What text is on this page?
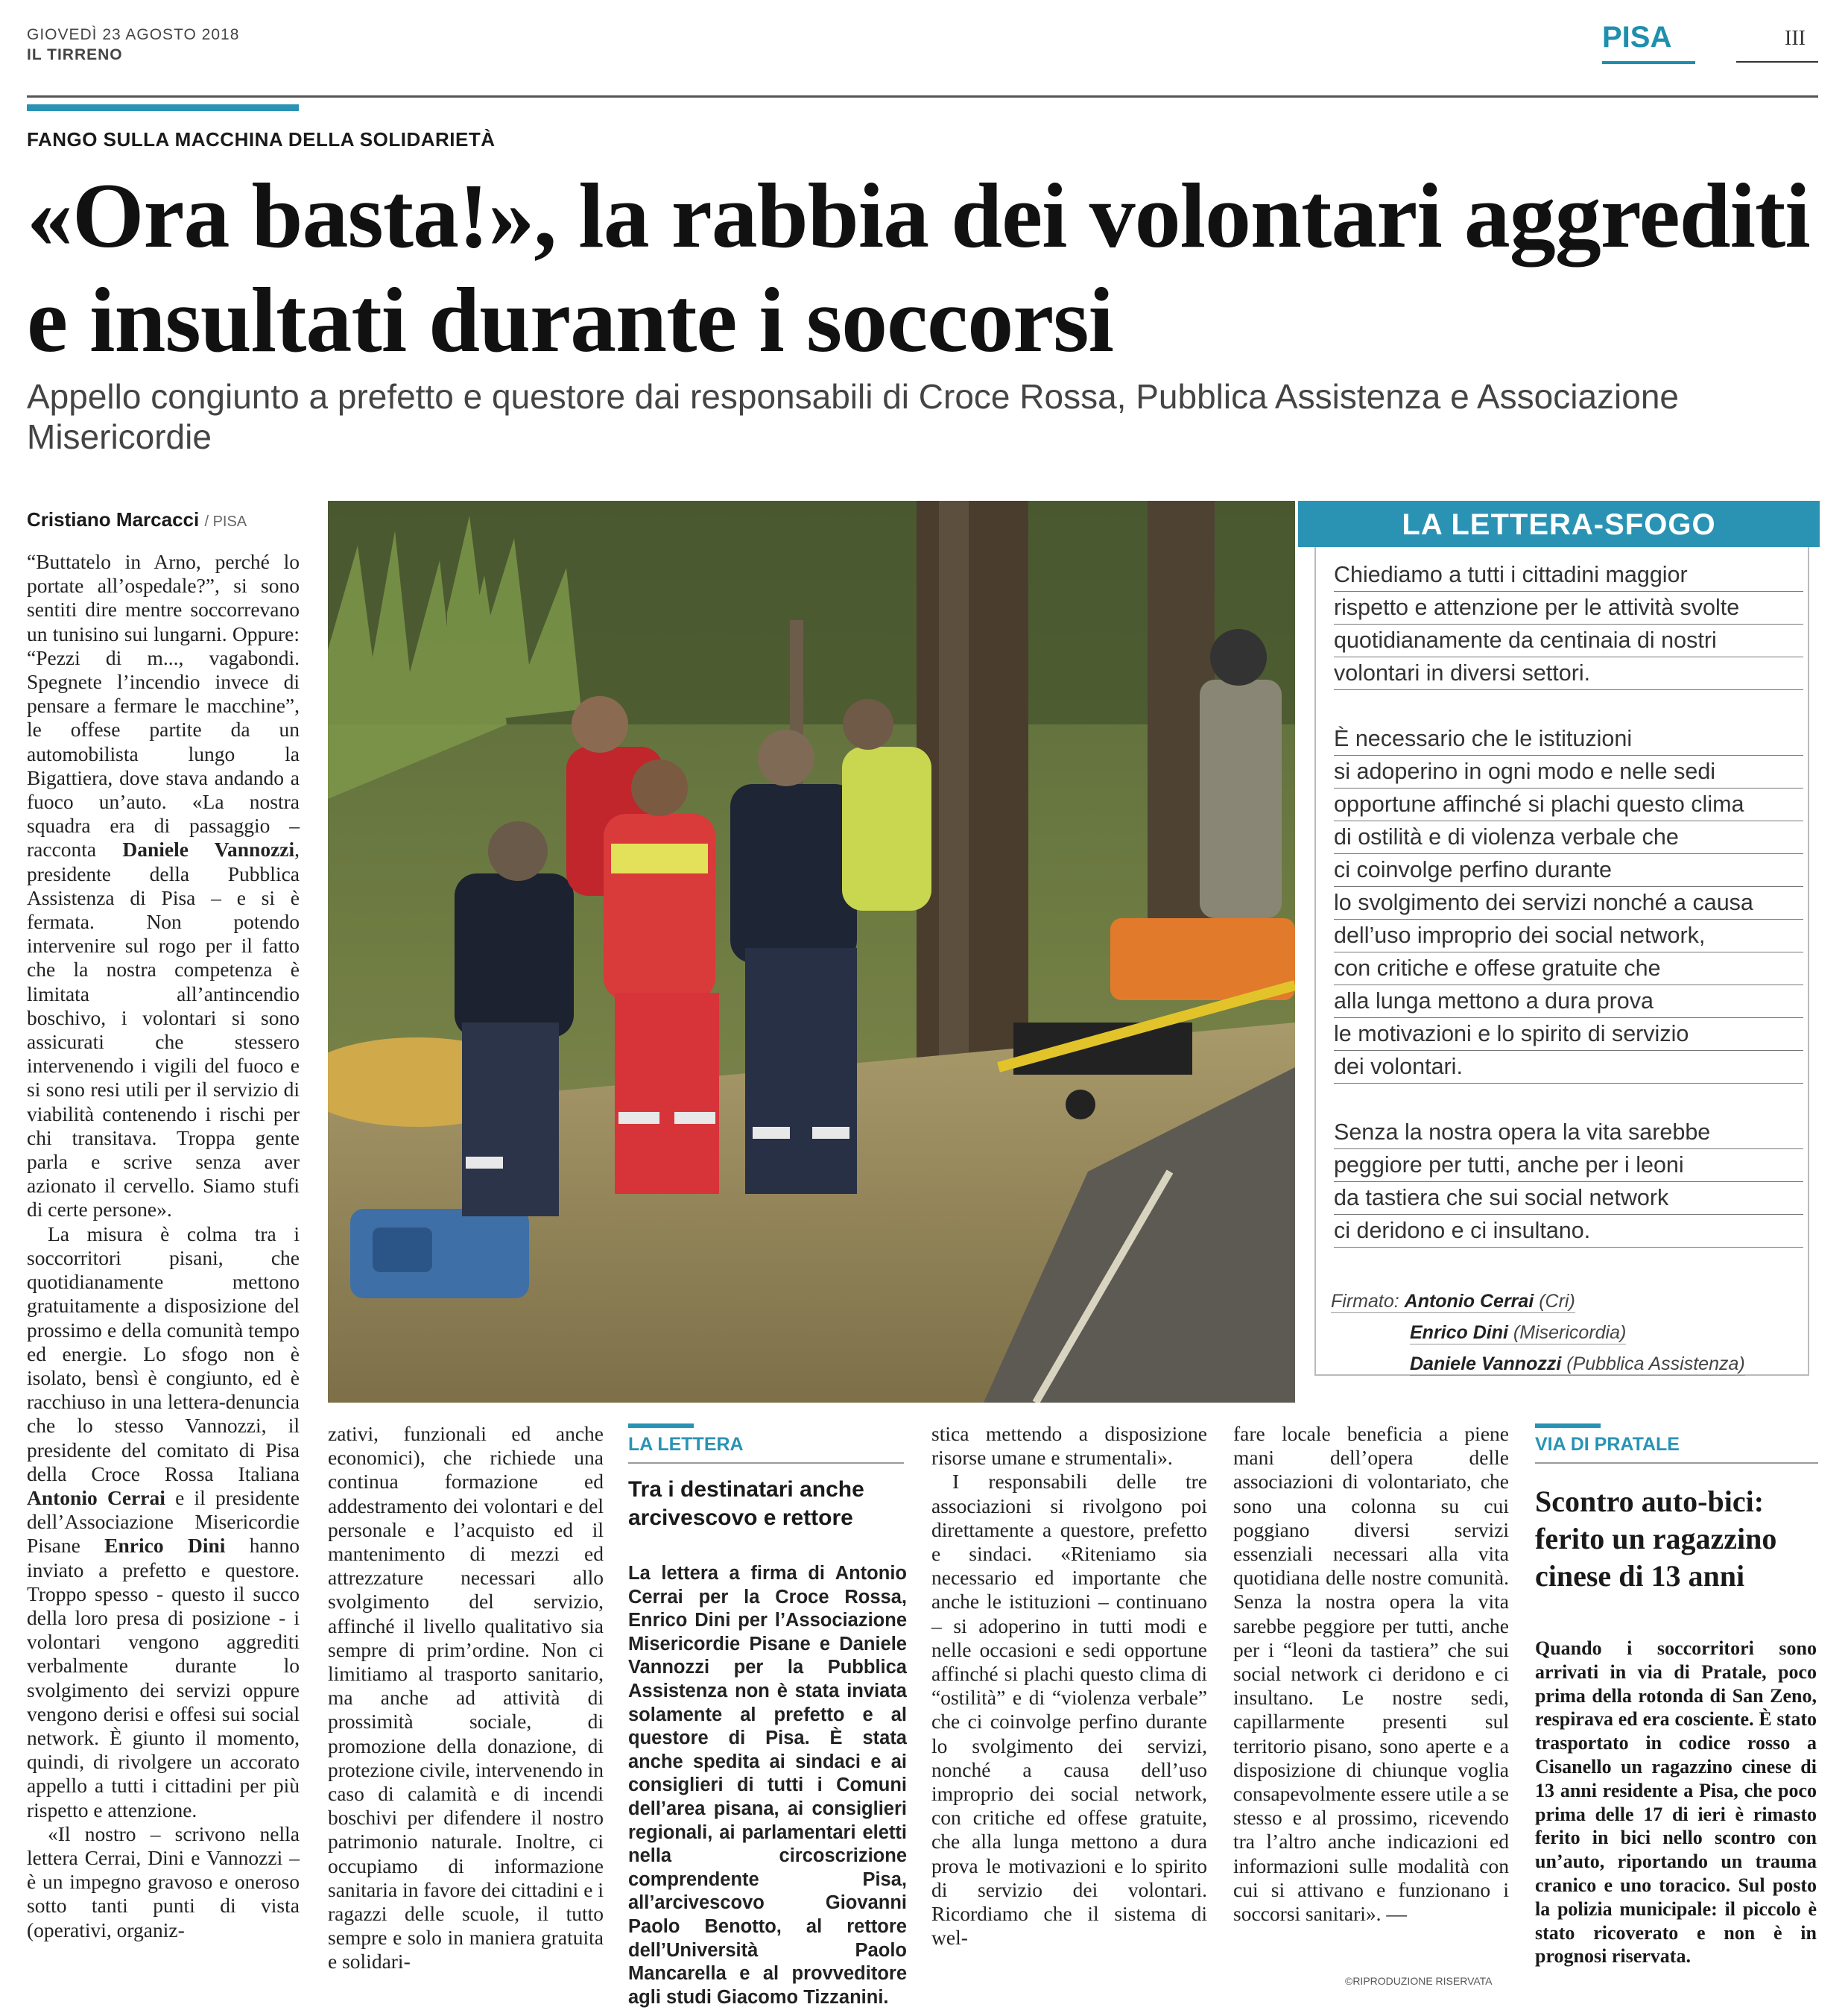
GIOVEDÌ 23 AGOSTO 2018
IL TIRRENO
PISA	III
FANGO SULLA MACCHINA DELLA SOLIDARIETÀ
«Ora basta!», la rabbia dei volontari aggrediti e insultati durante i soccorsi
Appello congiunto a prefetto e questore dai responsabili di Croce Rossa, Pubblica Assistenza e Associazione Misericordie
Cristiano Marcacci / PISA

“Buttatelo in Arno, perché lo portate all’ospedale?”, si sono sentiti dire mentre soccorrevano un tunisino sui lungarni. Oppure: “Pezzi di m..., vagabondi. Spegnete l’incendio invece di pensare a fermare le macchine”, le offese partite da un automobilista lungo la Bigattiera, dove stava andando a fuoco un’auto. «La nostra squadra era di passaggio – racconta Daniele Vannozzi, presidente della Pubblica Assistenza di Pisa – e si è fermata. Non potendo intervenire sul rogo per il fatto che la nostra competenza è limitata all’antincendio boschivo, i volontari si sono assicurati che stessero intervenendo i vigili del fuoco e si sono resi utili per il servizio di viabilità contenendo i rischi per chi transitava. Troppa gente parla e scrive senza aver azionato il cervello. Siamo stufi di certe persone».

La misura è colma tra i soccorritori pisani, che quotidianamente mettono gratuitamente a disposizione del prossimo e della comunità tempo ed energie. Lo sfogo non è isolato, bensì è congiunto, ed è racchiuso in una lettera-denuncia che lo stesso Vannozzi, il presidente del comitato di Pisa della Croce Rossa Italiana Antonio Cerrai e il presidente dell’Associazione Misericordie Pisane Enrico Dini hanno inviato a prefetto e questore. Troppo spesso - questo il succo della loro presa di posizione - i volontari vengono aggrediti verbalmente durante lo svolgimento dei servizi oppure vengono derisi e offesi sui social network. È giunto il momento, quindi, di rivolgere un accorato appello a tutti i cittadini per più rispetto e attenzione.

«Il nostro – scrivono nella lettera Cerrai, Dini e Vannozzi – è un impegno gravoso e oneroso sotto tanti punti di vista (operativi, organiz-

LA LETTERA-SFOGO
Chiediamo a tutti i cittadini maggior
rispetto e attenzione per le attività svolte
quotidianamente da centinaia di nostri
volontari in diversi settori.
È necessario che le istituzioni
si adoperino in ogni modo e nelle sedi
opportune affinché si plachi questo clima
di ostilità e di violenza verbale che
ci coinvolge perfino durante
lo svolgimento dei servizi nonché a causa
dell’uso improprio dei social network,
con critiche e offese gratuite che
alla lunga mettono a dura prova
le motivazioni e lo spirito di servizio
dei volontari.
Senza la nostra opera la vita sarebbe
peggiore per tutti, anche per i leoni
da tastiera che sui social network
ci deridono e ci insultano.
Firmato: Antonio Cerrai (Cri)
Enrico Dini (Misericordia)
Daniele Vannozzi (Pubblica Assistenza)

zativi, funzionali ed anche economici), che richiede una continua formazione ed addestramento dei volontari e del personale e l’acquisto ed il mantenimento di mezzi ed attrezzature necessari allo svolgimento del servizio, affinché il livello qualitativo sia sempre di prim’ordine. Non ci limitiamo al trasporto sanitario, ma anche ad attività di prossimità sociale, di promozione della donazione, di protezione civile, intervenendo in caso di calamità e di incendi boschivi per difendere il nostro patrimonio naturale. Inoltre, ci occupiamo di informazione sanitaria in favore dei cittadini e i ragazzi delle scuole, il tutto sempre e solo in maniera gratuita e solidari-

LA LETTERA
Tra i destinatari anche arcivescovo e rettore
La lettera a firma di Antonio Cerrai per la Croce Rossa, Enrico Dini per l’Associazione Misericordie Pisane e Daniele Vannozzi per la Pubblica Assistenza non è stata inviata solamente al prefetto e al questore di Pisa. È stata anche spedita ai sindaci e ai consiglieri di tutti i Comuni dell’area pisana, ai consiglieri regionali, ai parlamentari eletti nella circoscrizione comprendente Pisa, all’arcivescovo Giovanni Paolo Benotto, al rettore dell’Università Paolo Mancarella e al provveditore agli studi Giacomo Tizzanini.

stica mettendo a disposizione risorse umane e strumentali».

I responsabili delle tre associazioni si rivolgono poi direttamente a questore, prefetto e sindaci. «Riteniamo sia necessario ed importante che anche le istituzioni – continuano – si adoperino in tutti modi e nelle occasioni e sedi opportune affinché si plachi questo clima di “ostilità” e di “violenza verbale” che ci coinvolge perfino durante lo svolgimento dei servizi, nonché a causa dell’uso improprio dei social network, con critiche ed offese gratuite, che alla lunga mettono a dura prova le motivazioni e lo spirito di servizio dei volontari. Ricordiamo che il sistema di wel-

fare locale beneficia a piene mani dell’opera delle associazioni di volontariato, che sono una colonna su cui poggiano diversi servizi essenziali necessari alla vita quotidiana delle nostre comunità. Senza la nostra opera la vita sarebbe peggiore per tutti, anche per i “leoni da tastiera” che sui social network ci deridono e ci insultano. Le nostre sedi, capillarmente presenti sul territorio pisano, sono aperte e a disposizione di chiunque voglia consapevolmente essere utile a se stesso e al prossimo, ricevendo tra l’altro anche indicazioni ed informazioni sulle modalità con cui si attivano e funzionano i soccorsi sanitari». —

©RIPRODUZIONE RISERVATA
VIA DI PRATALE
Scontro auto-bici: ferito un ragazzino cinese di 13 anni
Quando i soccorritori sono arrivati in via di Pratale, poco prima della rotonda di San Zeno, respirava ed era cosciente. È stato trasportato in codice rosso a Cisanello un ragazzino cinese di 13 anni residente a Pisa, che poco prima delle 17 di ieri è rimasto ferito in bici nello scontro con un’auto, riportando un trauma cranico e uno toracico. Sul posto la polizia municipale: il piccolo è stato ricoverato e non è in prognosi riservata.
